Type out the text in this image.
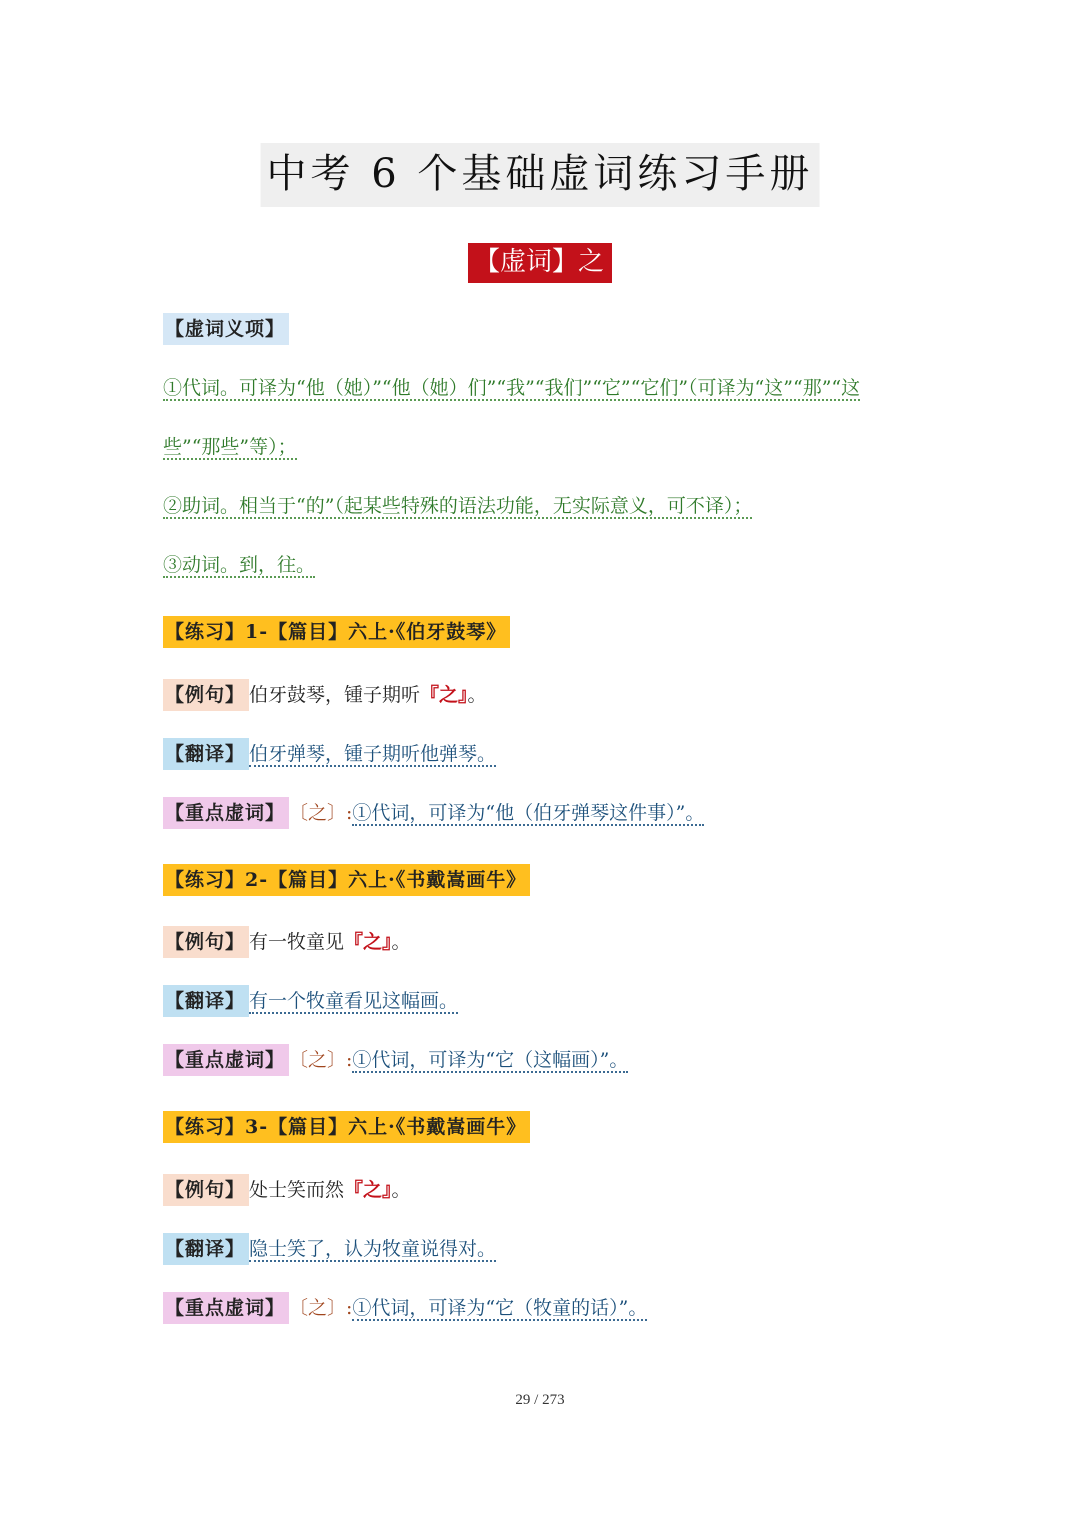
中考 6 个基础虚词练习手册
【虚词】之
【虚词义项】
①代词。可译为“他（她）”“他（她）们”“我”“我们”“它”“它们”（可译为“这”“那”“这
些”“那些”等）；
②助词。相当于“的”（起某些特殊的语法功能，无实际意义，可不译）；
③动词。到，往。
【练习】1-【篇目】六上·《伯牙鼓琴》
【例句】 伯牙鼓琴，锺子期听『之』。
【翻译】 伯牙弹琴，锺子期听他弹琴。
【重点虚词】 〔之〕:①代词，可译为“他（伯牙弹琴这件事）”。
【练习】2-【篇目】六上·《书戴嵩画牛》
【例句】 有一牧童见『之』。
【翻译】 有一个牧童看见这幅画。
【重点虚词】 〔之〕:①代词，可译为“它（这幅画）”。
【练习】3-【篇目】六上·《书戴嵩画牛》
【例句】 处士笑而然『之』。
【翻译】 隐士笑了，认为牧童说得对。
【重点虚词】 〔之〕:①代词，可译为“它（牧童的话）”。
29 / 273
